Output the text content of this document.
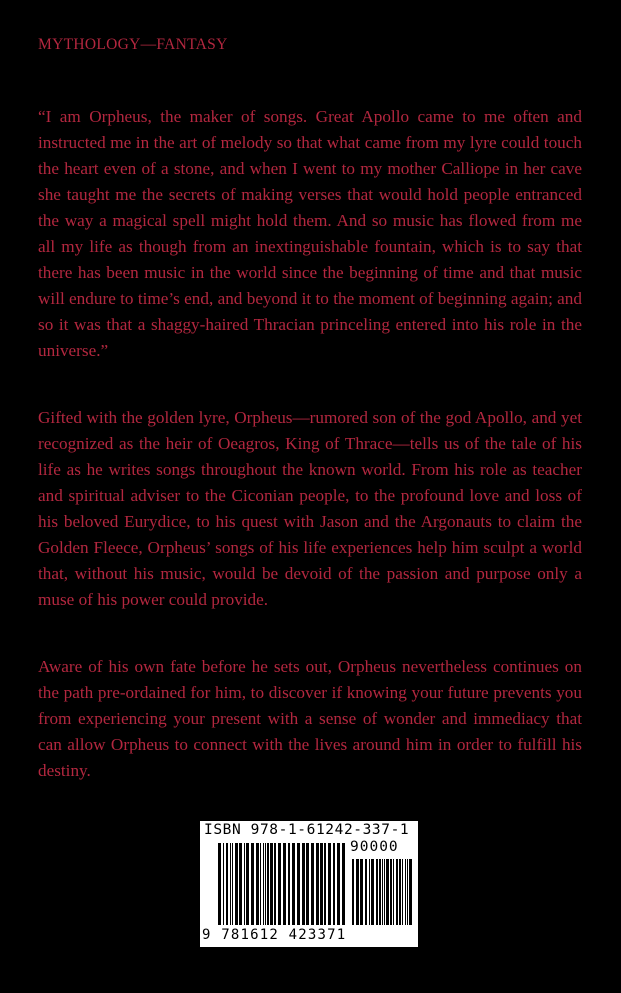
MYTHOLOGY—FANTASY
“I am Orpheus, the maker of songs. Great Apollo came to me often and instructed me in the art of melody so that what came from my lyre could touch the heart even of a stone, and when I went to my mother Calliope in her cave she taught me the secrets of making verses that would hold people entranced the way a magical spell might hold them. And so music has flowed from me all my life as though from an inextinguishable fountain, which is to say that there has been music in the world since the beginning of time and that music will endure to time’s end, and beyond it to the moment of beginning again; and so it was that a shaggy-haired Thracian princeling entered into his role in the universe.”
Gifted with the golden lyre, Orpheus—rumored son of the god Apollo, and yet recognized as the heir of Oeagros, King of Thrace—tells us of the tale of his life as he writes songs throughout the known world. From his role as teacher and spiritual adviser to the Ciconian people, to the profound love and loss of his beloved Eurydice, to his quest with Jason and the Argonauts to claim the Golden Fleece, Orpheus’ songs of his life experiences help him sculpt a world that, without his music, would be devoid of the passion and purpose only a muse of his power could provide.
Aware of his own fate before he sets out, Orpheus nevertheless continues on the path pre-ordained for him, to discover if knowing your future prevents you from experiencing your present with a sense of wonder and immediacy that can allow Orpheus to connect with the lives around him in order to fulfill his destiny.
ISBN 978-1-61242-337-1
90000
9 781612 423371
